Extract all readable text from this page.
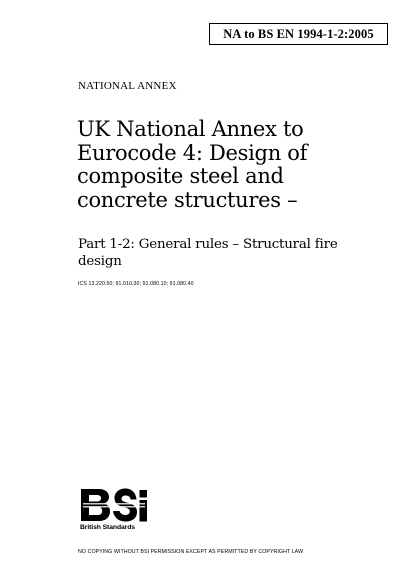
NA to BS EN 1994-1-2:2005
NATIONAL ANNEX
UK National Annex to
Eurocode 4: Design of
composite steel and
concrete structures –
Part 1-2: General rules – Structural fire
design
ICS 13.220.50; 91.010.30; 91.080.10; 91.080.40
British Standards
NO COPYING WITHOUT BSI PERMISSION EXCEPT AS PERMITTED BY COPYRIGHT LAW
